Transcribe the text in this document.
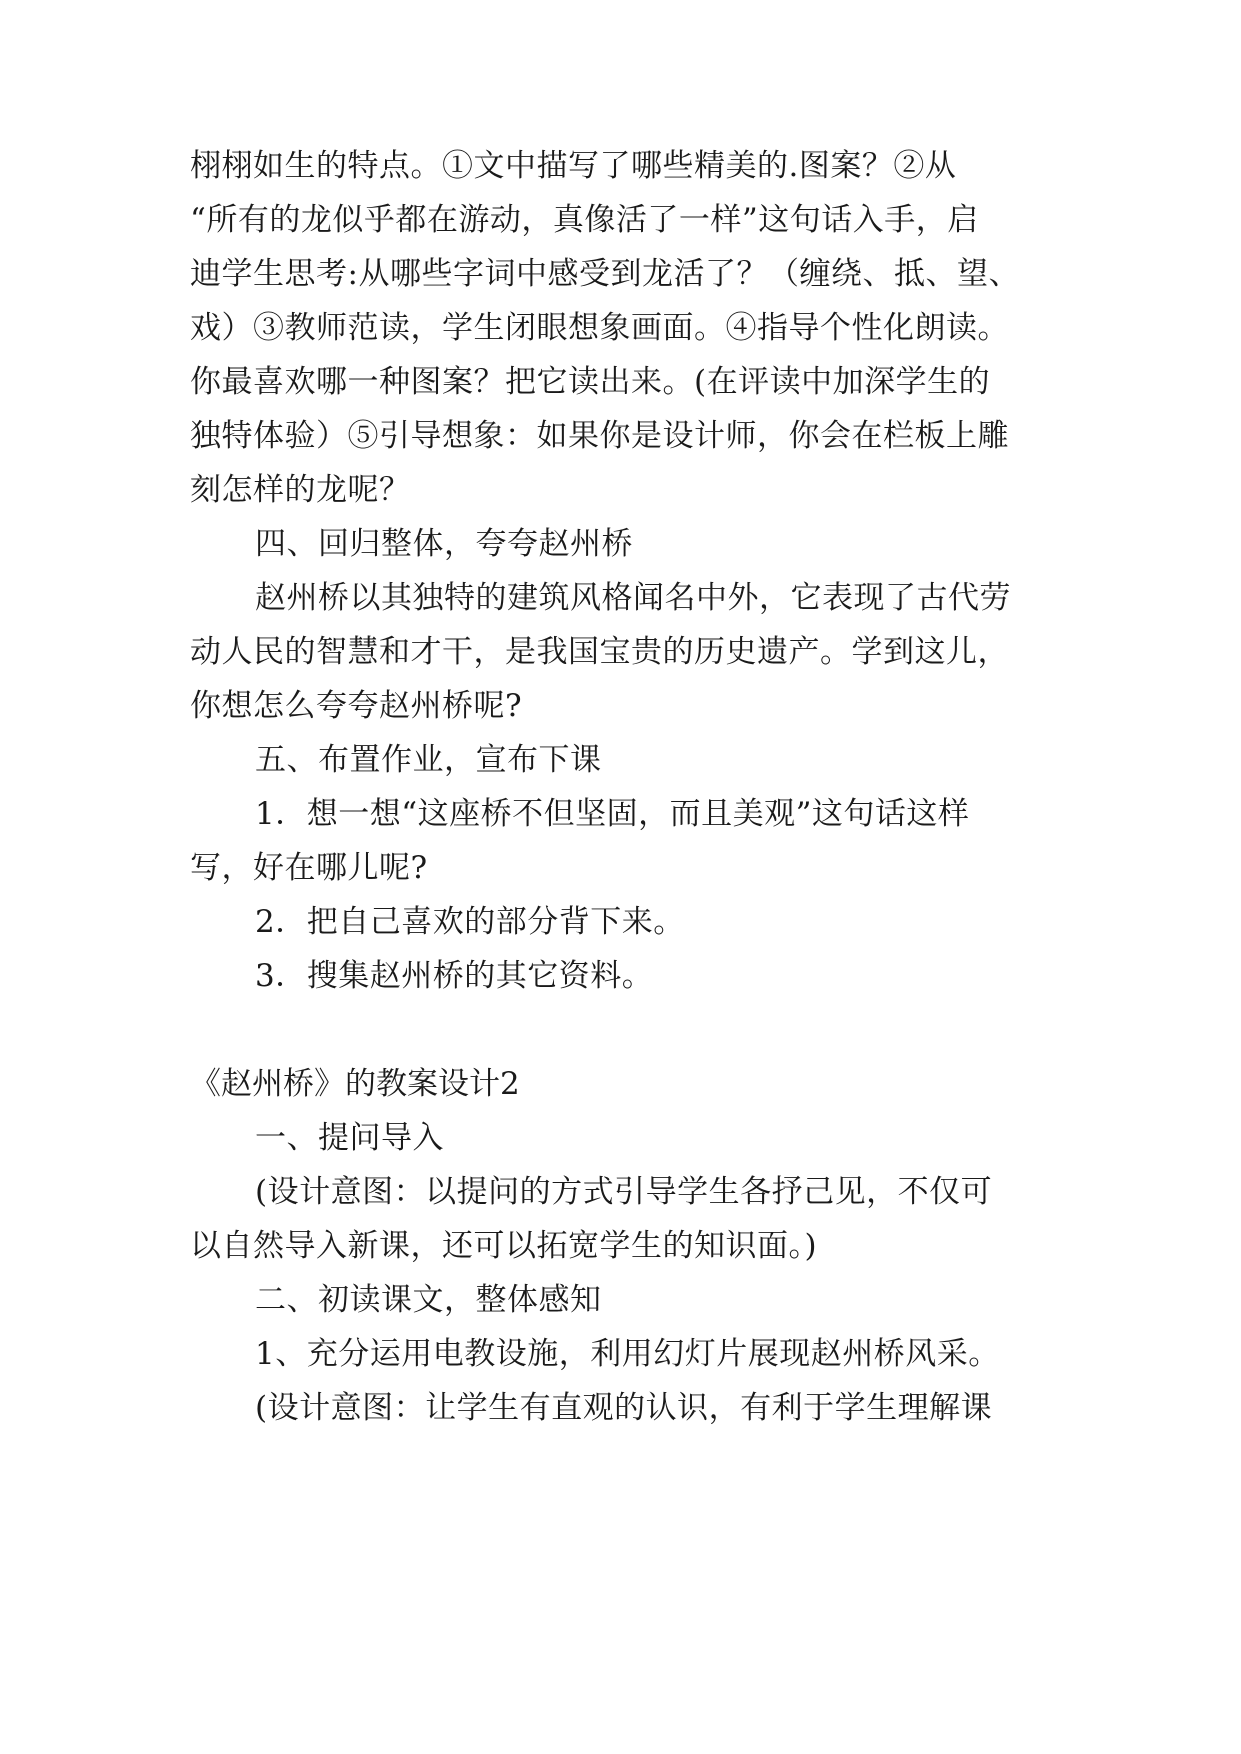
栩栩如生的特点。①文中描写了哪些精美的.图案？②从
“所有的龙似乎都在游动，真像活了一样”这句话入手，启
迪学生思考:从哪些字词中感受到龙活了？（缠绕、抵、望、
戏）③教师范读，学生闭眼想象画面。④指导个性化朗读。
你最喜欢哪一种图案？把它读出来。(在评读中加深学生的
独特体验）⑤引导想象：如果你是设计师，你会在栏板上雕
刻怎样的龙呢？
四、回归整体，夸夸赵州桥
赵州桥以其独特的建筑风格闻名中外，它表现了古代劳
动人民的智慧和才干，是我国宝贵的历史遗产。学到这儿，
你想怎么夸夸赵州桥呢?
五、布置作业，宣布下课
1．想一想“这座桥不但坚固，而且美观”这句话这样
写，好在哪儿呢?
2．把自己喜欢的部分背下来。
3．搜集赵州桥的其它资料。
《赵州桥》的教案设计2
一、提问导入
(设计意图：以提问的方式引导学生各抒己见，不仅可
以自然导入新课，还可以拓宽学生的知识面。)
二、初读课文，整体感知
1、充分运用电教设施，利用幻灯片展现赵州桥风采。
(设计意图：让学生有直观的认识，有利于学生理解课
